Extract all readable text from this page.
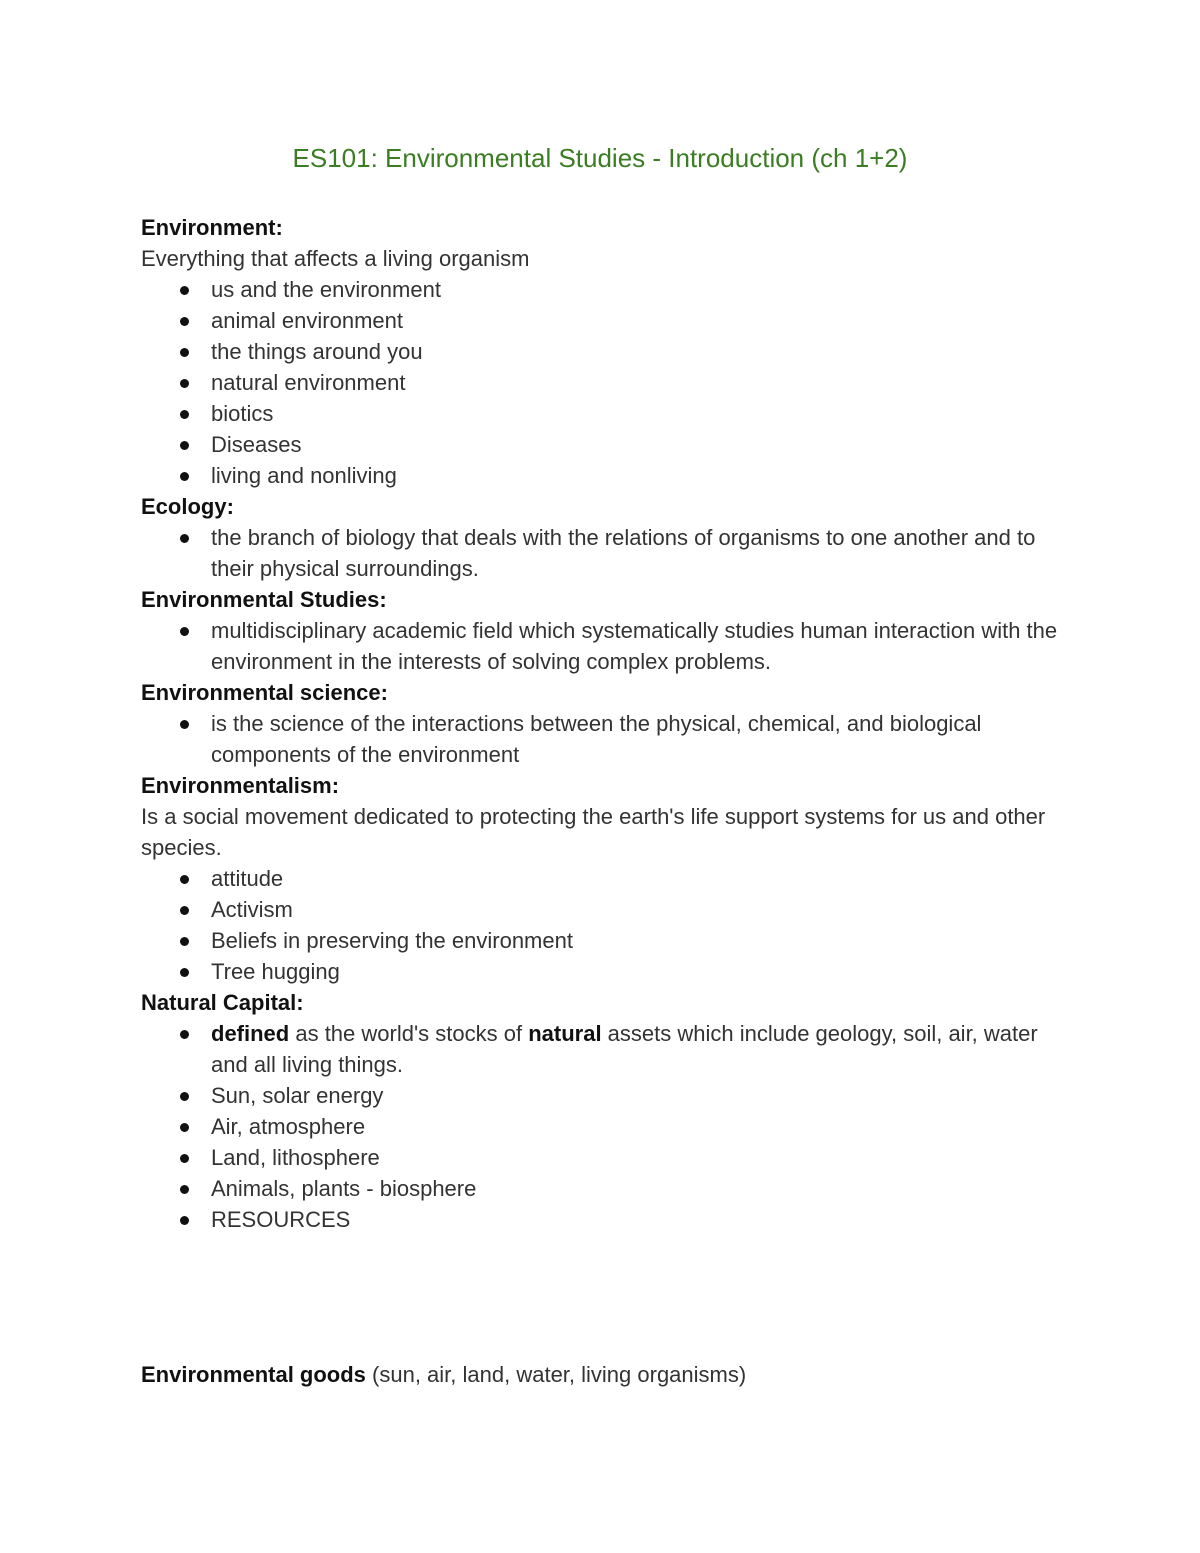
ES101: Environmental Studies - Introduction (ch 1+2)

Environment:

Everything that affects a living organism

us and the environment
animal environment
the things around you
natural environment
biotics
Diseases
living and nonliving

Ecology:

the branch of biology that deals with the relations of organisms to one another and to their physical surroundings.

Environmental Studies:

multidisciplinary academic field which systematically studies human interaction with the environment in the interests of solving complex problems.

Environmental science:

is the science of the interactions between the physical, chemical, and biological components of the environment

Environmentalism:

Is a social movement dedicated to protecting the earth's life support systems for us and other species.

attitude
Activism
Beliefs in preserving the environment
Tree hugging

Natural Capital:

defined as the world's stocks of natural assets which include geology, soil, air, water and all living things.
Sun, solar energy
Air, atmosphere
Land, lithosphere
Animals, plants - biosphere
RESOURCES

Environmental goods (sun, air, land, water, living organisms)
